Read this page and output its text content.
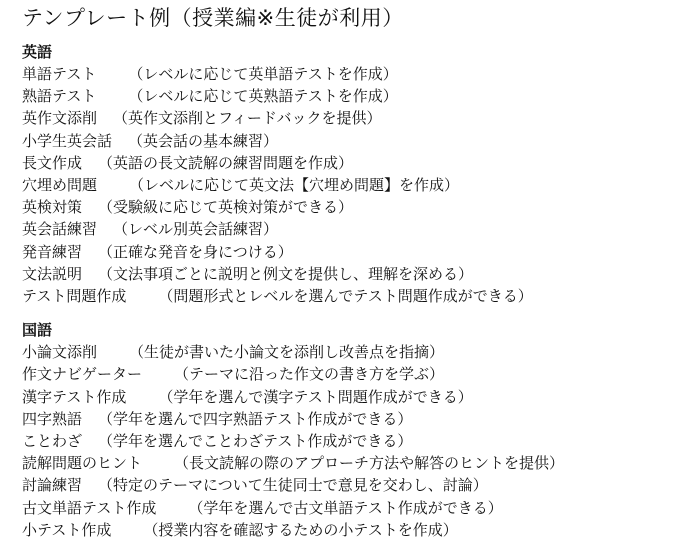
テンプレート例（授業編※生徒が利用）
英語
単語テスト （レベルに応じて英単語テストを作成）
熟語テスト （レベルに応じて英熟語テストを作成）
英作文添削 （英作文添削とフィードバックを提供）
小学生英会話 （英会話の基本練習）
長文作成 （英語の長文読解の練習問題を作成）
穴埋め問題 （レベルに応じて英文法【穴埋め問題】を作成）
英検対策 （受験級に応じて英検対策ができる）
英会話練習 （レベル別英会話練習）
発音練習 （正確な発音を身につける）
文法説明 （文法事項ごとに説明と例文を提供し、理解を深める）
テスト問題作成 （問題形式とレベルを選んでテスト問題作成ができる）
国語
小論文添削 （生徒が書いた小論文を添削し改善点を指摘）
作文ナビゲーター （テーマに沿った作文の書き方を学ぶ）
漢字テスト作成 （学年を選んで漢字テスト問題作成ができる）
四字熟語 （学年を選んで四字熟語テスト作成ができる）
ことわざ （学年を選んでことわざテスト作成ができる）
読解問題のヒント （長文読解の際のアプローチ方法や解答のヒントを提供）
討論練習 （特定のテーマについて生徒同士で意見を交わし、討論）
古文単語テスト作成 （学年を選んで古文単語テスト作成ができる）
小テスト作成 （授業内容を確認するための小テストを作成）
